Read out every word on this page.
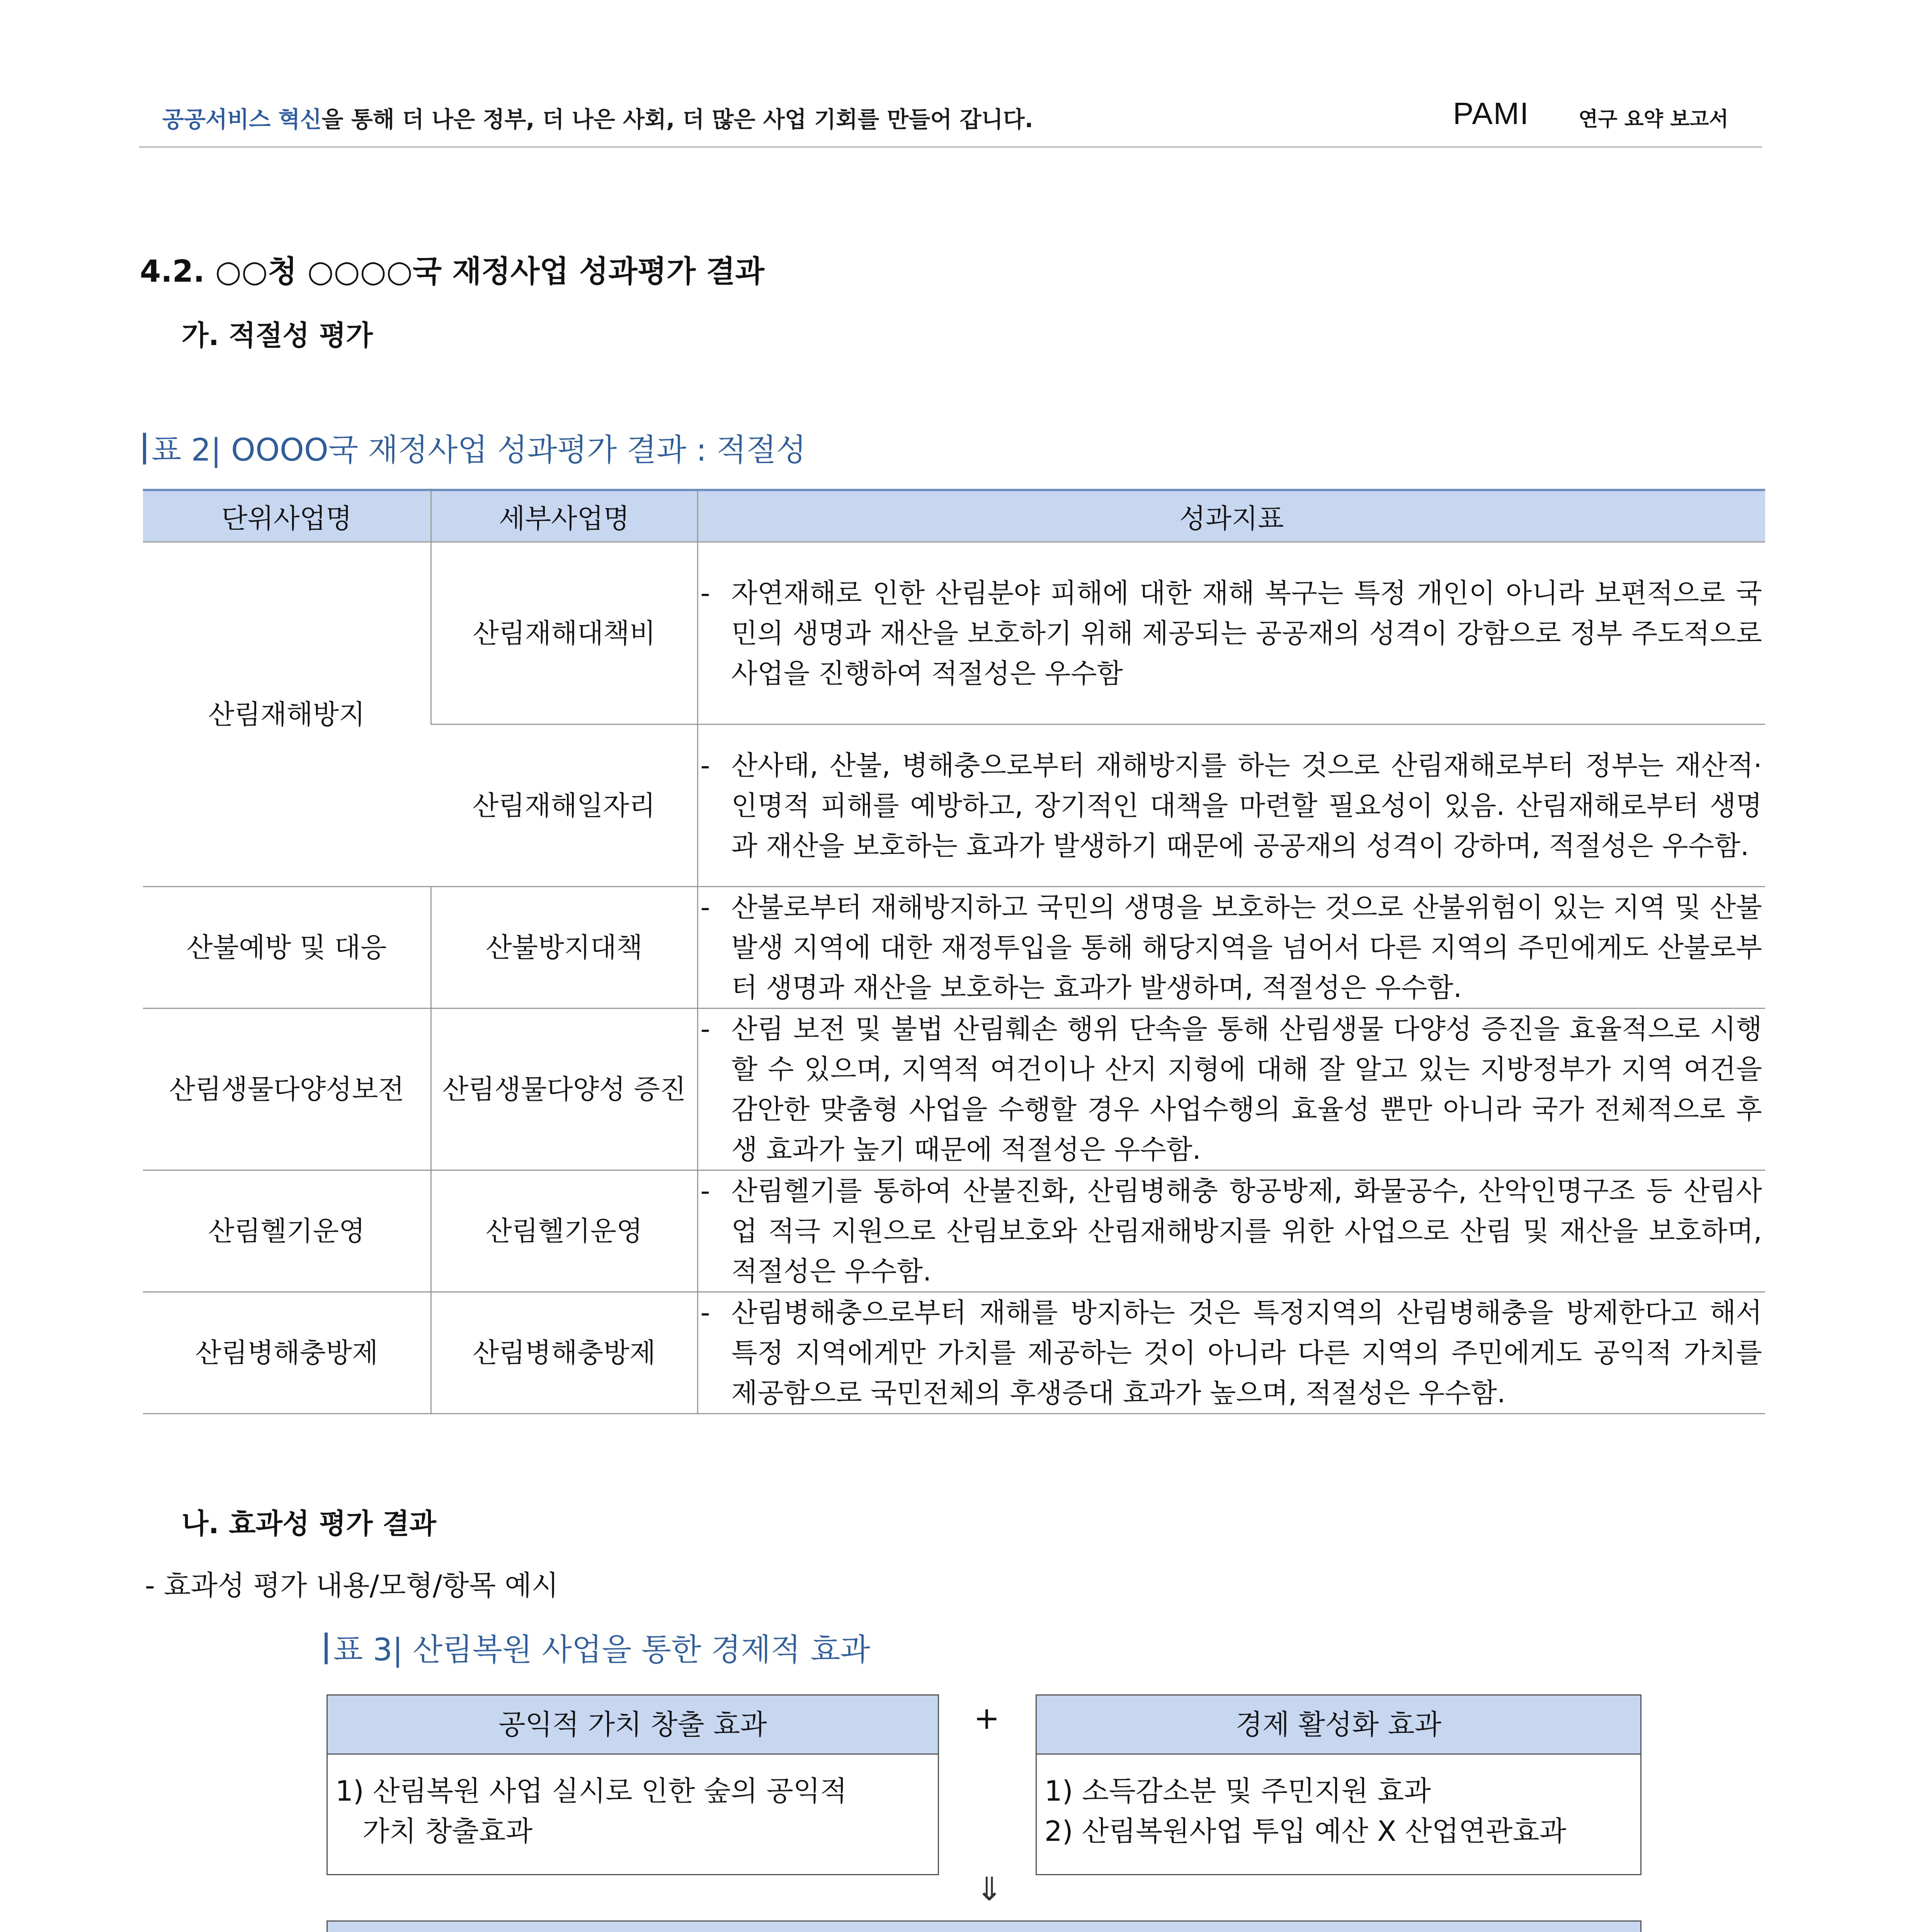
공공서비스 혁신을 통해 더 나은 정부, 더 나은 사회, 더 많은 사업 기회를 만들어 갑니다.	PAMI 연구 요약 보고서
4.2. ○○청 ○○○○국 재정사업 성과평가 결과
가. 적절성 평가
표 2| OOOO국 재정사업 성과평가 결과 : 적절성
단위사업명	세부사업명	성과지표
산림재해방지	산림재해대책비	- 자연재해로 인한 산림분야 피해에 대한 재해 복구는 특정 개인이 아니라 보편적으로 국민의 생명과 재산을 보호하기 위해 제공되는 공공재의 성격이 강함으로 정부 주도적으로 사업을 진행하여 적절성은 우수함

	산림재해일자리	- 산사태, 산불, 병해충으로부터 재해방지를 하는 것으로 산림재해로부터 정부는 재산적·인명적 피해를 예방하고, 장기적인 대책을 마련할 필요성이 있음. 산림재해로부터 생명과 재산을 보호하는 효과가 발생하기 때문에 공공재의 성격이 강하며, 적절성은 우수함.

산불예방 및 대응	산불방지대책	- 산불로부터 재해방지하고 국민의 생명을 보호하는 것으로 산불위험이 있는 지역 및 산불발생 지역에 대한 재정투입을 통해 해당지역을 넘어서 다른 지역의 주민에게도 산불로부터 생명과 재산을 보호하는 효과가 발생하며, 적절성은 우수함.

산림생물다양성보전	산림생물다양성 증진	- 산림 보전 및 불법 산림훼손 행위 단속을 통해 산림생물 다양성 증진을 효율적으로 시행할 수 있으며, 지역적 여건이나 산지 지형에 대해 잘 알고 있는 지방정부가 지역 여건을 감안한 맞춤형 사업을 수행할 경우 사업수행의 효율성 뿐만 아니라 국가 전체적으로 후생 효과가 높기 때문에 적절성은 우수함.

산림헬기운영	산림헬기운영	- 산림헬기를 통하여 산불진화, 산림병해충 항공방제, 화물공수, 산악인명구조 등 산림사업 적극 지원으로 산림보호와 산림재해방지를 위한 사업으로 산림 및 재산을 보호하며, 적절성은 우수함.

산림병해충방제	산림병해충방제	- 산림병해충으로부터 재해를 방지하는 것은 특정지역의 산림병해충을 방제한다고 해서 특정 지역에게만 가치를 제공하는 것이 아니라 다른 지역의 주민에게도 공익적 가치를 제공함으로 국민전체의 후생증대 효과가 높으며, 적절성은 우수함.
나. 효과성 평가 결과
- 효과성 평가 내용/모형/항목 예시
표 3| 산림복원 사업을 통한 경제적 효과
공익적 가치 창출 효과
1) 산림복원 사업 실시로 인한 숲의 공익적
가치 창출효과
+	경제 활성화 효과
1) 소득감소분 및 주민지원 효과
2) 산림복원사업 투입 예산 X 산업연관효과
⇓
